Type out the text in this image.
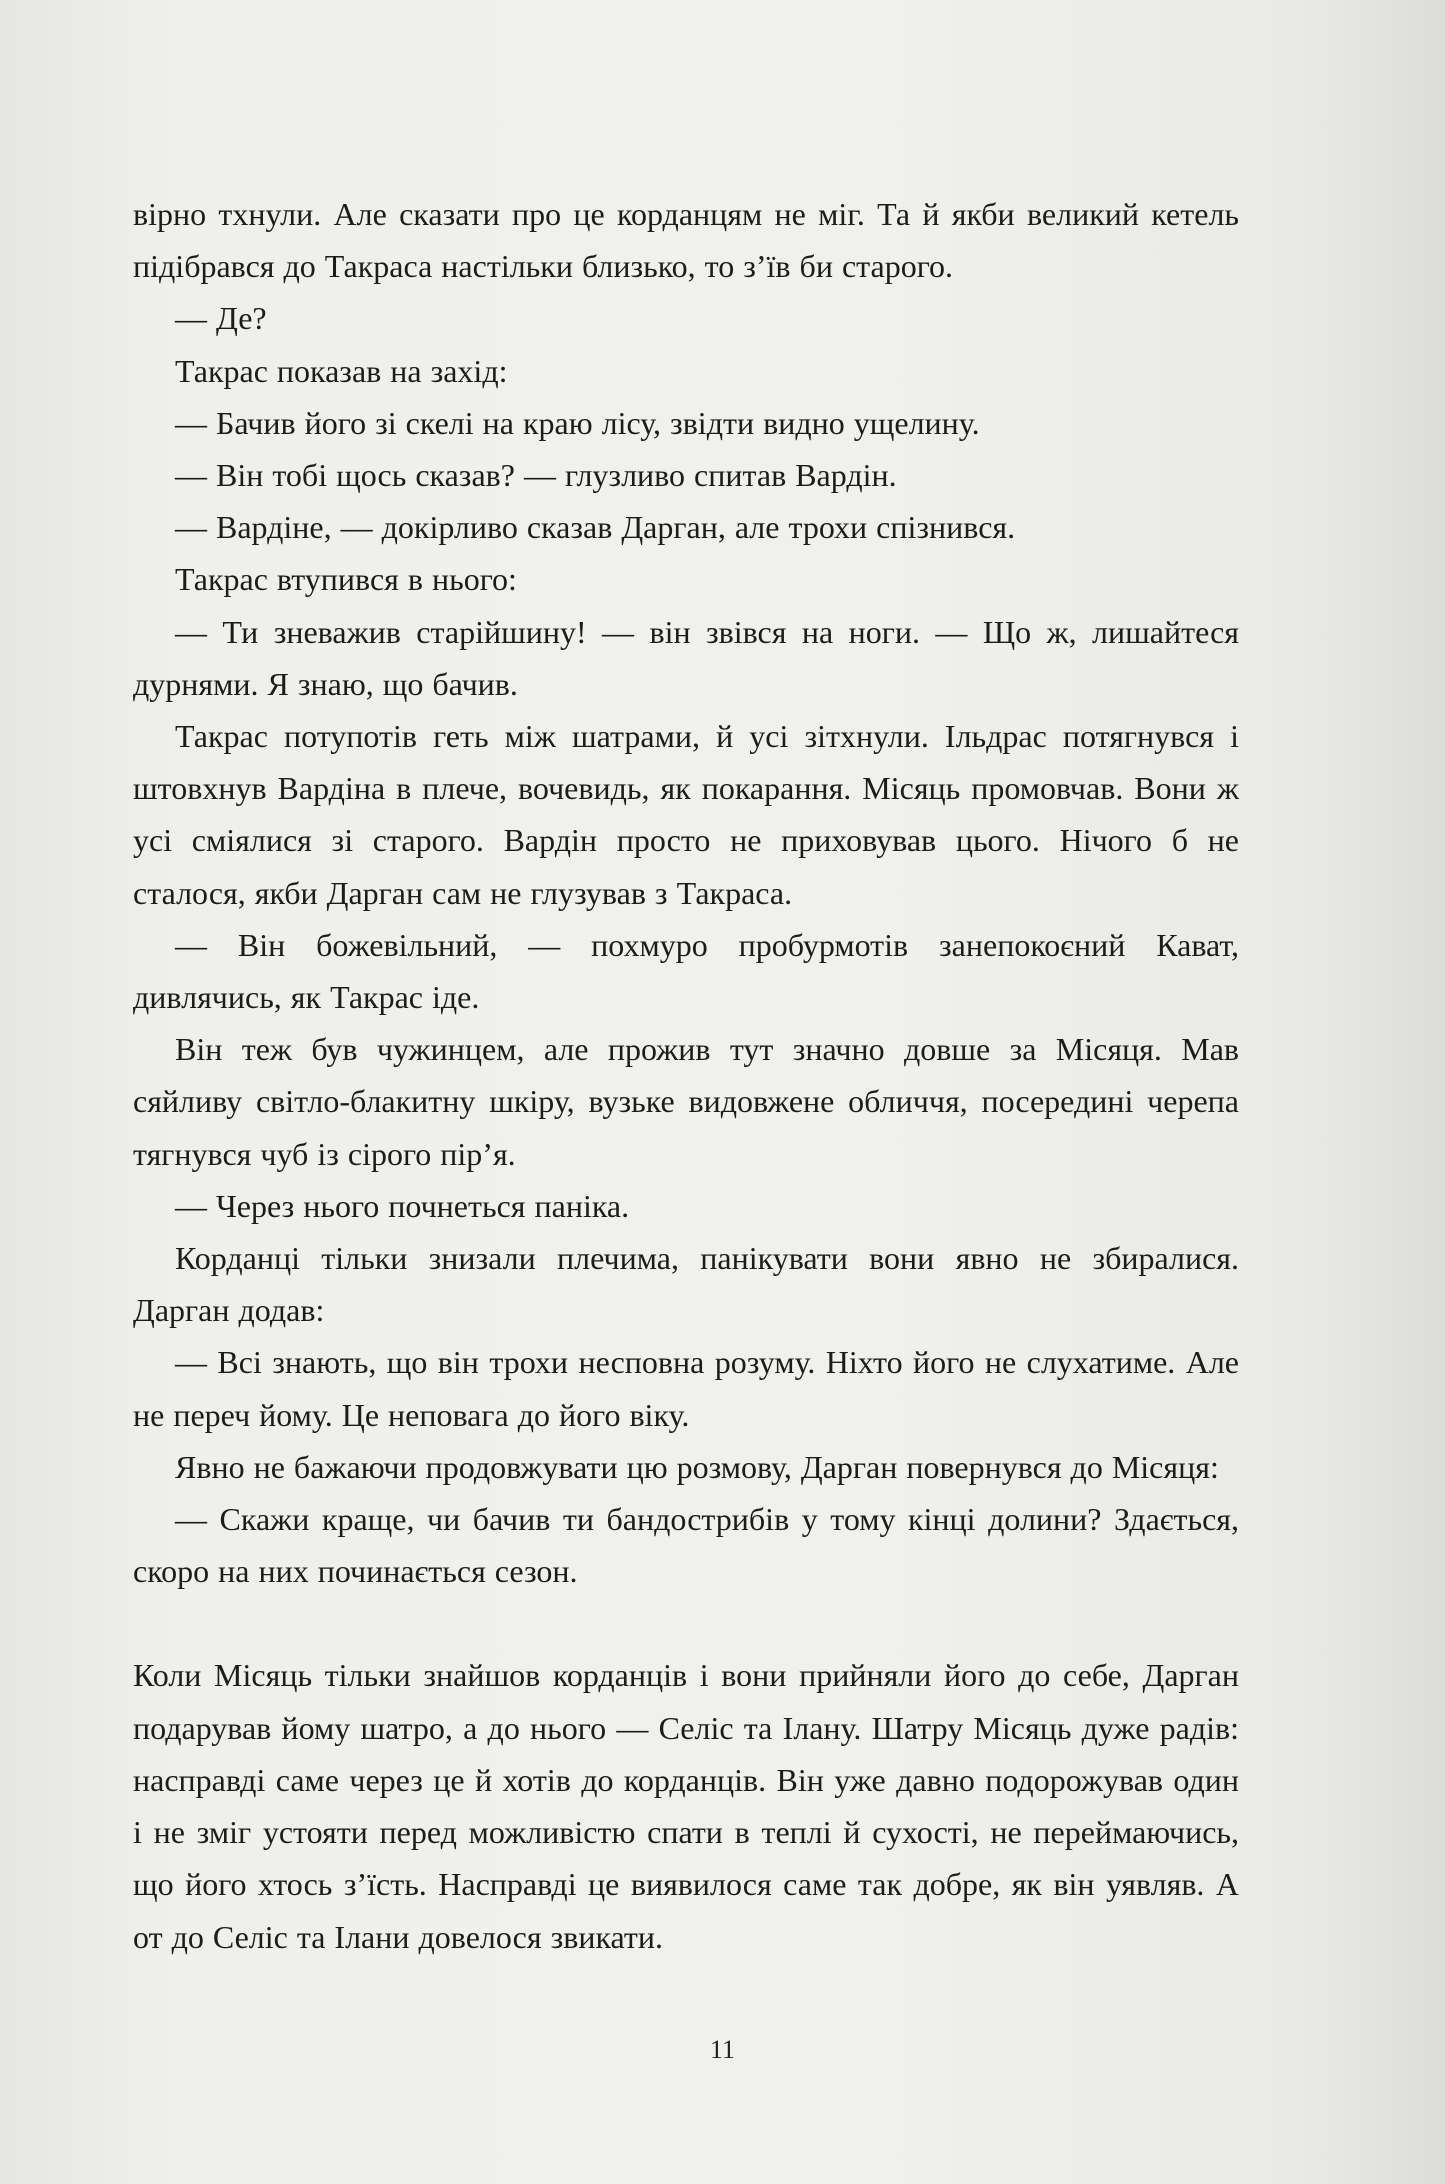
вірно тхнули. Але сказати про це корданцям не міг. Та й якби великий кетель підібрався до Такраса настільки близько, то з’їв би старого.

— Де?

Такрас показав на захід:

— Бачив його зі скелі на краю лісу, звідти видно ущелину.

— Він тобі щось сказав? — глузливо спитав Вардін.

— Вардіне, — докірливо сказав Дарган, але трохи спізнився.

Такрас втупився в нього:

— Ти зневажив старійшину! — він звівся на ноги. — Що ж, лишайтеся дурнями. Я знаю, що бачив.

Такрас потупотів геть між шатрами, й усі зітхнули. Ільдрас потягнувся і штовхнув Вардіна в плече, вочевидь, як покарання. Місяць промовчав. Вони ж усі сміялися зі старого. Вардін просто не приховував цього. Нічого б не сталося, якби Дарган сам не глузував з Такраса.

— Він божевільний, — похмуро пробурмотів занепокоєний Кават, дивлячись, як Такрас іде.

Він теж був чужинцем, але прожив тут значно довше за Місяця. Мав сяйливу світло-блакитну шкіру, вузьке видовжене обличчя, посередині черепа тягнувся чуб із сірого пір’я.

— Через нього почнеться паніка.

Корданці тільки знизали плечима, панікувати вони явно не збиралися. Дарган додав:

— Всі знають, що він трохи несповна розуму. Ніхто його не слухатиме. Але не переч йому. Це неповага до його віку.

Явно не бажаючи продовжувати цю розмову, Дарган повернувся до Місяця:

— Скажи краще, чи бачив ти бандострибів у тому кінці долини? Здається, скоро на них починається сезон.

Коли Місяць тільки знайшов корданців і вони прийняли його до себе, Дарган подарував йому шатро, а до нього — Селіс та Ілану. Шатру Місяць дуже радів: насправді саме через це й хотів до корданців. Він уже давно подорожував один і не зміг устояти перед можливістю спати в теплі й сухості, не переймаючись, що його хтось з’їсть. Насправді це виявилося саме так добре, як він уявляв. А от до Селіс та Ілани довелося звикати.

11
